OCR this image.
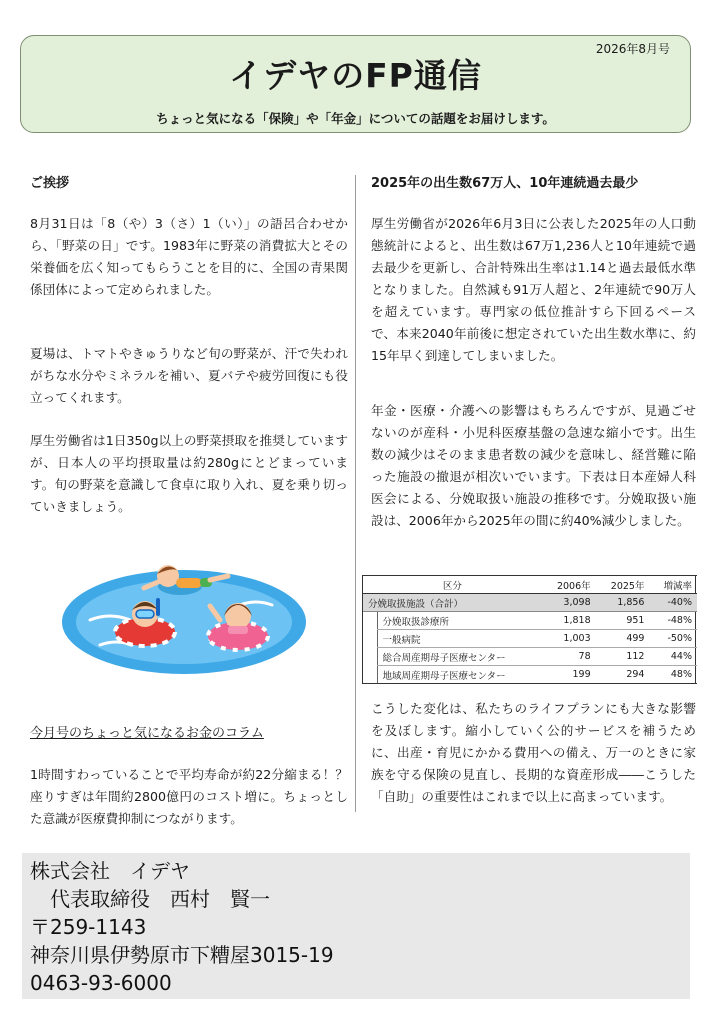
2026年8月号
イデヤのFP通信
ちょっと気になる「保険」や「年金」についての話題をお届けします。
ご挨拶
8月31日は「8（や）3（さ）1（い）」の語呂合わせから、「野菜の日」です。1983年に野菜の消費拡大とその栄養価を広く知ってもらうことを目的に、全国の青果関係団体によって定められました。
夏場は、トマトやきゅうりなど旬の野菜が、汗で失われがちな水分やミネラルを補い、夏バテや疲労回復にも役立ってくれます。
厚生労働省は1日350g以上の野菜摂取を推奨していますが、日本人の平均摂取量は約280gにとどまっています。旬の野菜を意識して食卓に取り入れ、夏を乗り切っていきましょう。
今月号のちょっと気になるお金のコラム
1時間すわっていることで平均寿命が約22分縮まる！？座りすぎは年間約2800億円のコスト増に。ちょっとした意識が医療費抑制につながります。
2025年の出生数67万人、10年連続過去最少
厚生労働省が2026年6月3日に公表した2025年の人口動態統計によると、出生数は67万1,236人と10年連続で過去最少を更新し、合計特殊出生率は1.14と過去最低水準となりました。自然減も91万人超と、2年連続で90万人を超えています。専門家の低位推計すら下回るペースで、本来2040年前後に想定されていた出生数水準に、約15年早く到達してしまいました。
年金・医療・介護への影響はもちろんですが、見過ごせないのが産科・小児科医療基盤の急速な縮小です。出生数の減少はそのまま患者数の減少を意味し、経営難に陥った施設の撤退が相次いでいます。下表は日本産婦人科医会による、分娩取扱い施設の推移です。分娩取扱い施設は、2006年から2025年の間に約40%減少しました。
区分		2006年	2025年	増減率
分娩取扱施設（合計）		3,098	1,856	-40%
	分娩取扱診療所	1,818	951	-48%
	一般病院	1,003	499	-50%
	総合周産期母子医療センター	78	112	44%
	地域周産期母子医療センター	199	294	48%
こうした変化は、私たちのライフプランにも大きな影響を及ぼします。縮小していく公的サービスを補うために、出産・育児にかかる費用への備え、万一のときに家族を守る保険の見直し、長期的な資産形成――こうした「自助」の重要性はこれまで以上に高まっています。
株式会社　イデヤ
　代表取締役　西村　賢一
〒259-1143
神奈川県伊勢原市下糟屋3015-19
0463-93-6000
